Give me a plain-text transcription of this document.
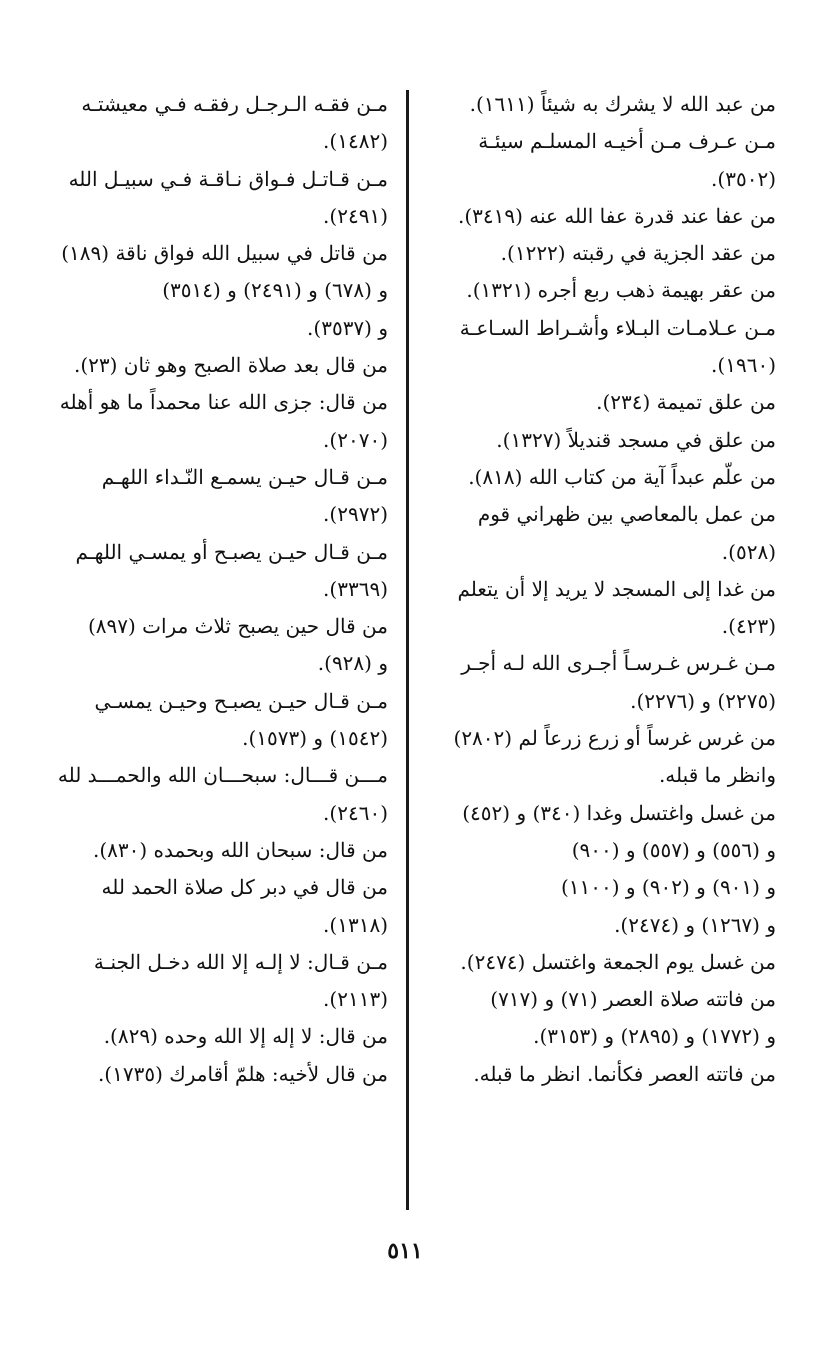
من عبد الله لا يشرك به شيئاً (١٦١١).

مـن عـرف مـن أخيـه المسلـم سيئـة
(٣٥٠٢).

من عفا عند قدرة عفا الله عنه (٣٤١٩).

من عقد الجزية في رقبته (١٢٢٢).

من عقر بهيمة ذهب ربع أجره (١٣٢١).

مـن عـلامـات البـلاء وأشـراط السـاعـة
(١٩٦٠).

من علق تميمة (٢٣٤).

من علق في مسجد قنديلاً (١٣٢٧).

من علّم عبداً آية من كتاب الله (٨١٨).

من عمل بالمعاصي بين ظهراني قوم
(٥٢٨).

من غدا إلى المسجد لا يريد إلا أن يتعلم
(٤٢٣).

مـن غـرس غـرسـاً أجـرى الله لـه أجـر
(٢٢٧٥) و (٢٢٧٦).

من غرس غرساً أو زرع زرعاً لم (٢٨٠٢)
وانظر ما قبله.

من غسل واغتسل وغدا (٣٤٠) و (٤٥٢)
و (٥٥٦) و (٥٥٧) و (٩٠٠)
و (٩٠١) و (٩٠٢) و (١١٠٠)
و (١٢٦٧) و (٢٤٧٤).

من غسل يوم الجمعة واغتسل (٢٤٧٤).

من فاتته صلاة العصر (٧١) و (٧١٧)
و (١٧٧٢) و (٢٨٩٥) و (٣١٥٣).

من فاتته العصر فكأنما. انظر ما قبله.

مـن فقـه الـرجـل رفقـه فـي معيشتـه
(١٤٨٢).

مـن قـاتـل فـواق نـاقـة فـي سبيـل الله
(٢٤٩١).

من قاتل في سبيل الله فواق ناقة (١٨٩)
و (٦٧٨) و (٢٤٩١) و (٣٥١٤)
و (٣٥٣٧).

من قال بعد صلاة الصبح وهو ثان (٢٣).

من قال: جزى الله عنا محمداً ما هو أهله
(٢٠٧٠).

مـن قـال حيـن يسمـع النّـداء اللهـم
(٢٩٧٢).

مـن قـال حيـن يصبـح أو يمسـي اللهـم
(٣٣٦٩).

من قال حين يصبح ثلاث مرات (٨٩٧)
و (٩٢٨).

مـن قـال حيـن يصبـح وحيـن يمسـي
(١٥٤٢) و (١٥٧٣).

مـــن قـــال: سبحـــان الله والحمـــد لله
(٢٤٦٠).

من قال: سبحان الله وبحمده (٨٣٠).

من قال في دبر كل صلاة الحمد لله
(١٣١٨).

مـن قـال: لا إلـه إلا الله دخـل الجنـة
(٢١١٣).

من قال: لا إله إلا الله وحده (٨٢٩).

من قال لأخيه: هلمّ أقامرك (١٧٣٥).

٥١١
